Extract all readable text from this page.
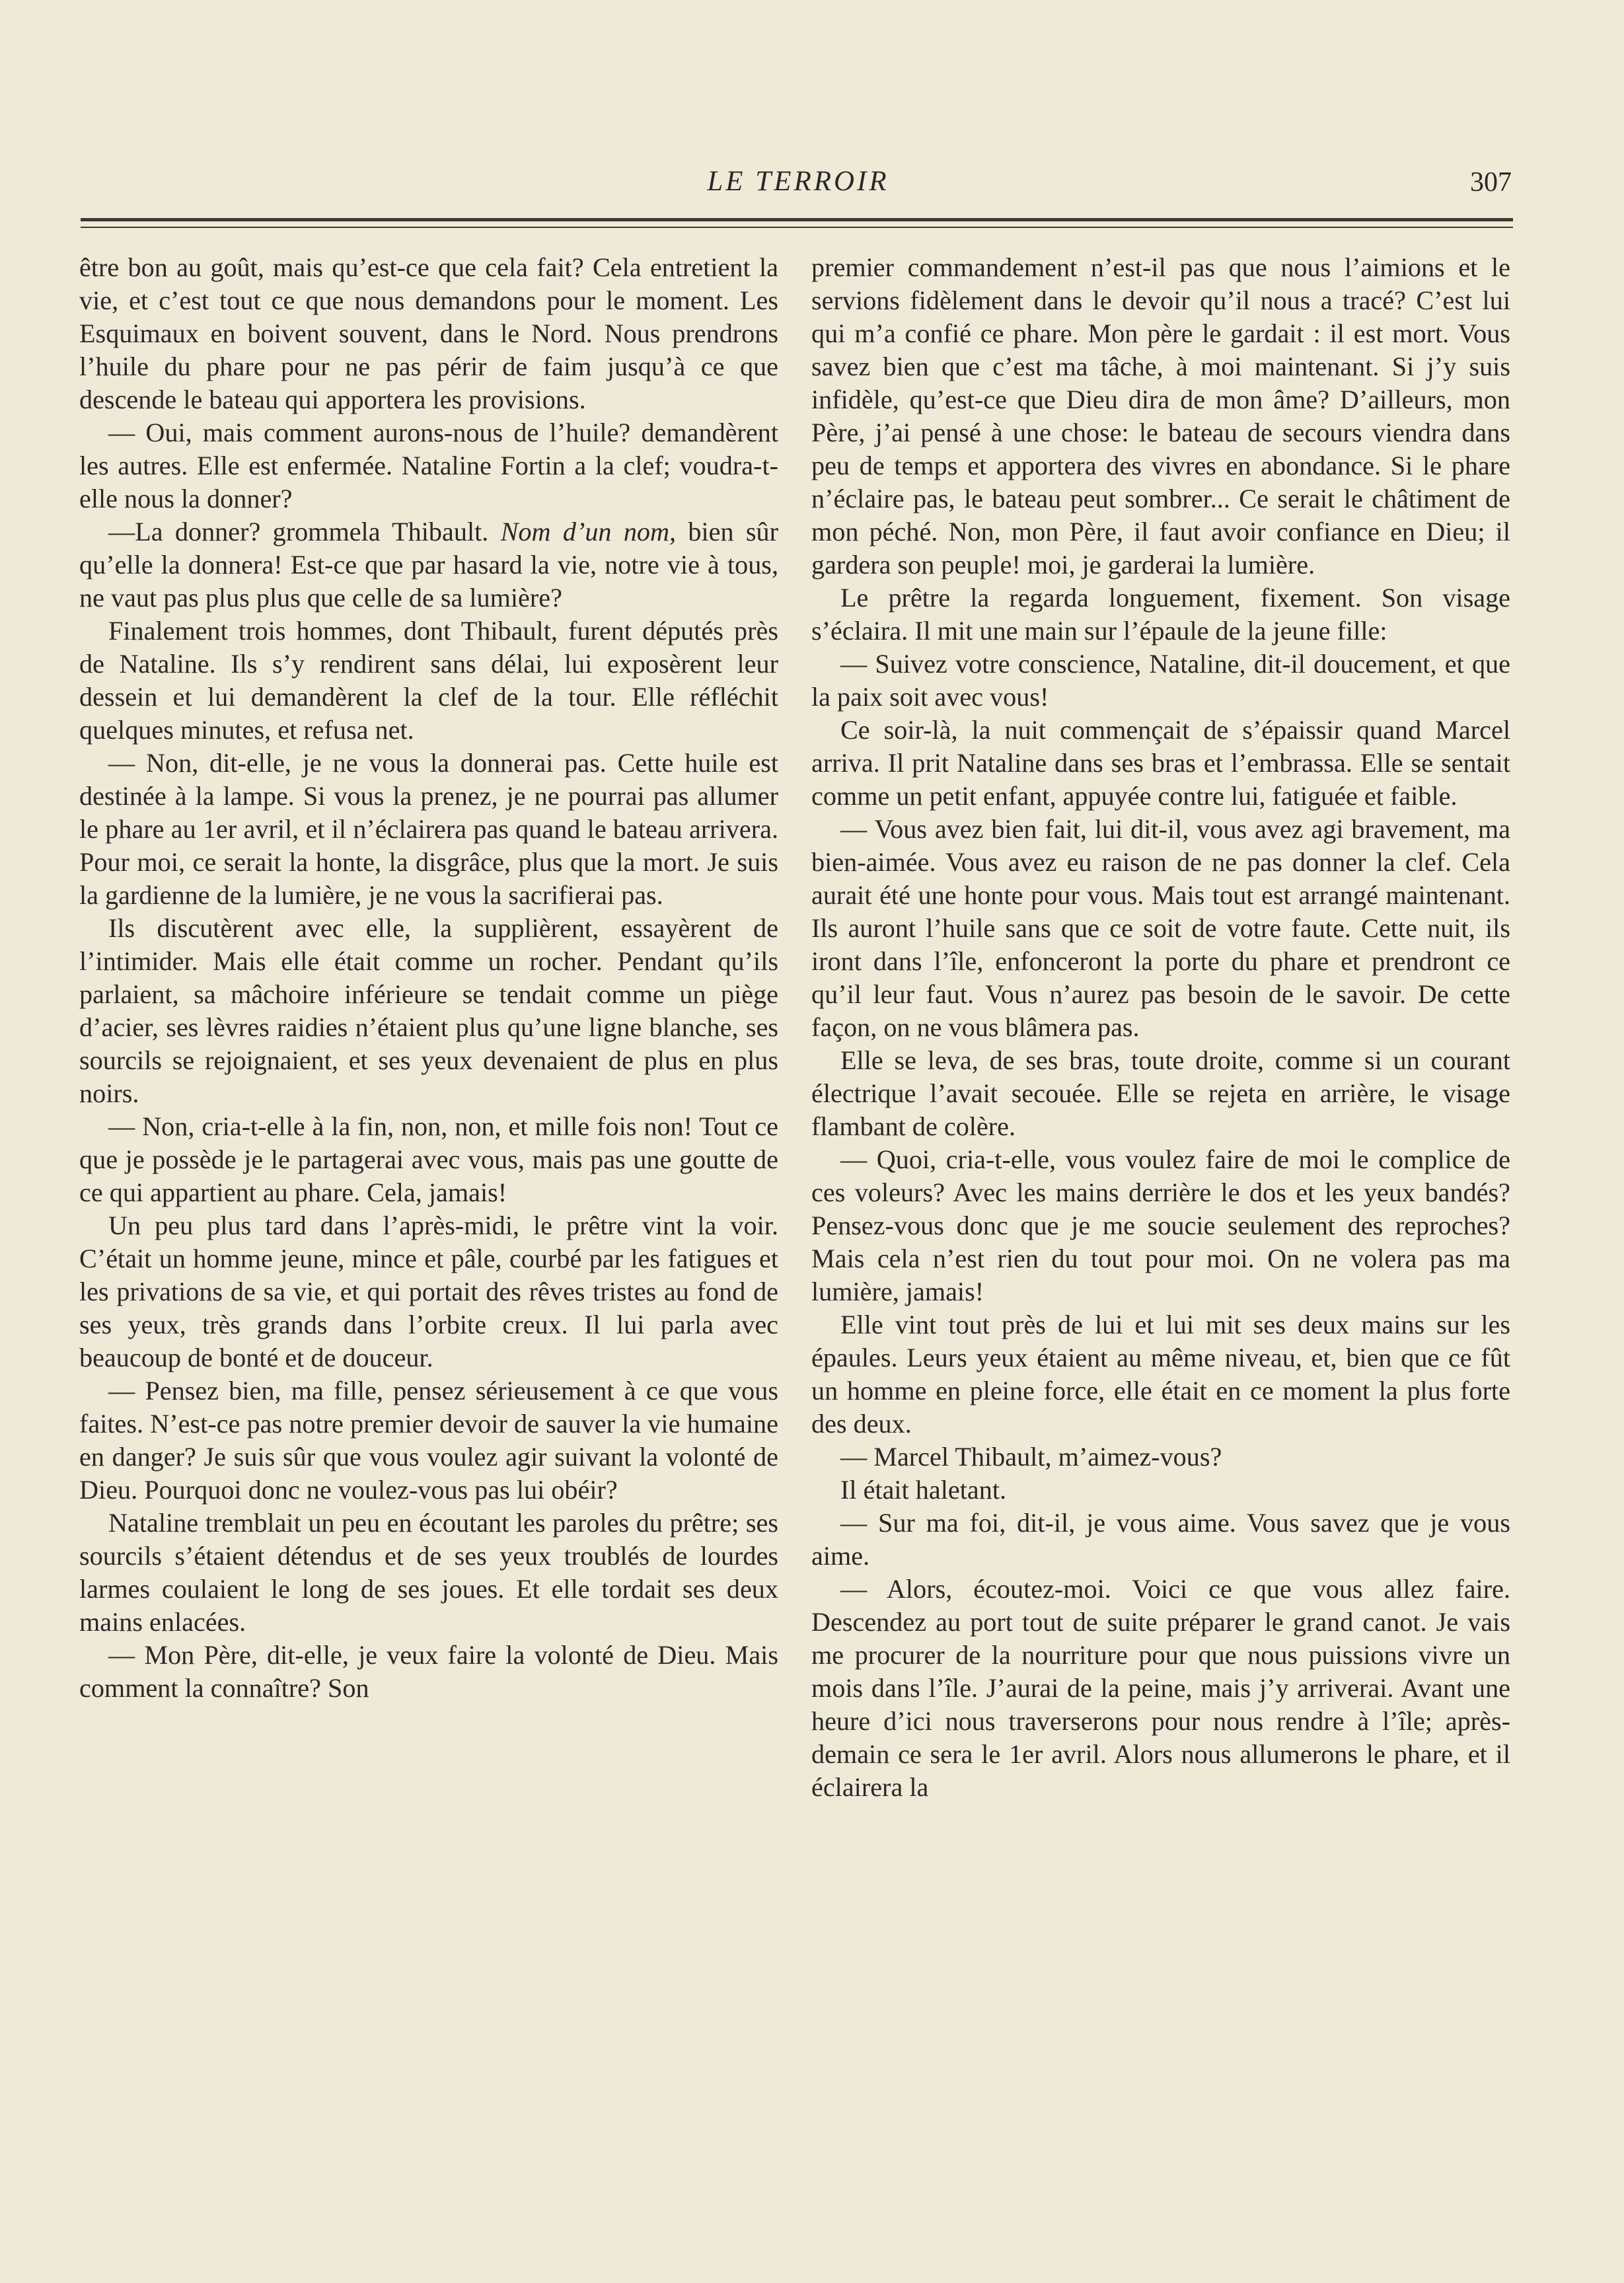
LE TERROIR	307

être bon au goût, mais qu’est-ce que cela fait? Cela entretient la vie, et c’est tout ce que nous demandons pour le moment. Les Esquimaux en boivent souvent, dans le Nord. Nous prendrons l’huile du phare pour ne pas périr de faim jusqu’à ce que descende le bateau qui apportera les provisions.

— Oui, mais comment aurons-nous de l’huile? demandèrent les autres. Elle est enfermée. Nataline Fortin a la clef; voudra-t-elle nous la donner?

—La donner? grommela Thibault. Nom d’un nom, bien sûr qu’elle la donnera! Est-ce que par hasard la vie, notre vie à tous, ne vaut pas plus plus que celle de sa lumière?

Finalement trois hommes, dont Thibault, furent députés près de Nataline. Ils s’y rendirent sans délai, lui exposèrent leur dessein et lui demandèrent la clef de la tour. Elle réfléchit quelques minutes, et refusa net.

— Non, dit-elle, je ne vous la donnerai pas. Cette huile est destinée à la lampe. Si vous la prenez, je ne pourrai pas allumer le phare au 1er avril, et il n’éclairera pas quand le bateau arrivera. Pour moi, ce serait la honte, la disgrâce, plus que la mort. Je suis la gardienne de la lumière, je ne vous la sacrifierai pas.

Ils discutèrent avec elle, la supplièrent, essayèrent de l’intimider. Mais elle était comme un rocher. Pendant qu’ils parlaient, sa mâchoire inférieure se tendait comme un piège d’acier, ses lèvres raidies n’étaient plus qu’une ligne blanche, ses sourcils se rejoignaient, et ses yeux devenaient de plus en plus noirs.

— Non, cria-t-elle à la fin, non, non, et mille fois non! Tout ce que je possède je le partagerai avec vous, mais pas une goutte de ce qui appartient au phare. Cela, jamais!

Un peu plus tard dans l’après-midi, le prêtre vint la voir. C’était un homme jeune, mince et pâle, courbé par les fatigues et les privations de sa vie, et qui portait des rêves tristes au fond de ses yeux, très grands dans l’orbite creux. Il lui parla avec beaucoup de bonté et de douceur.

— Pensez bien, ma fille, pensez sérieusement à ce que vous faites. N’est-ce pas notre premier devoir de sauver la vie humaine en danger? Je suis sûr que vous voulez agir suivant la volonté de Dieu. Pourquoi donc ne voulez-vous pas lui obéir?

Nataline tremblait un peu en écoutant les paroles du prêtre; ses sourcils s’étaient détendus et de ses yeux troublés de lourdes larmes coulaient le long de ses joues. Et elle tordait ses deux mains enlacées.

— Mon Père, dit-elle, je veux faire la volonté de Dieu. Mais comment la connaître? Son

premier commandement n’est-il pas que nous l’aimions et le servions fidèlement dans le devoir qu’il nous a tracé? C’est lui qui m’a confié ce phare. Mon père le gardait : il est mort. Vous savez bien que c’est ma tâche, à moi maintenant. Si j’y suis infidèle, qu’est-ce que Dieu dira de mon âme? D’ailleurs, mon Père, j’ai pensé à une chose: le bateau de secours viendra dans peu de temps et apportera des vivres en abondance. Si le phare n’éclaire pas, le bateau peut sombrer... Ce serait le châtiment de mon péché. Non, mon Père, il faut avoir confiance en Dieu; il gardera son peuple! moi, je garderai la lumière.

Le prêtre la regarda longuement, fixement. Son visage s’éclaira. Il mit une main sur l’épaule de la jeune fille:

— Suivez votre conscience, Nataline, dit-il doucement, et que la paix soit avec vous!

Ce soir-là, la nuit commençait de s’épaissir quand Marcel arriva. Il prit Nataline dans ses bras et l’embrassa. Elle se sentait comme un petit enfant, appuyée contre lui, fatiguée et faible.

— Vous avez bien fait, lui dit-il, vous avez agi bravement, ma bien-aimée. Vous avez eu raison de ne pas donner la clef. Cela aurait été une honte pour vous. Mais tout est arrangé maintenant. Ils auront l’huile sans que ce soit de votre faute. Cette nuit, ils iront dans l’île, enfonceront la porte du phare et prendront ce qu’il leur faut. Vous n’aurez pas besoin de le savoir. De cette façon, on ne vous blâmera pas.

Elle se leva, de ses bras, toute droite, comme si un courant électrique l’avait secouée. Elle se rejeta en arrière, le visage flambant de colère.

— Quoi, cria-t-elle, vous voulez faire de moi le complice de ces voleurs? Avec les mains derrière le dos et les yeux bandés? Pensez-vous donc que je me soucie seulement des reproches? Mais cela n’est rien du tout pour moi. On ne volera pas ma lumière, jamais!

Elle vint tout près de lui et lui mit ses deux mains sur les épaules. Leurs yeux étaient au même niveau, et, bien que ce fût un homme en pleine force, elle était en ce moment la plus forte des deux.

— Marcel Thibault, m’aimez-vous?

Il était haletant.

— Sur ma foi, dit-il, je vous aime. Vous savez que je vous aime.

— Alors, écoutez-moi. Voici ce que vous allez faire. Descendez au port tout de suite préparer le grand canot. Je vais me procurer de la nourriture pour que nous puissions vivre un mois dans l’île. J’aurai de la peine, mais j’y arriverai. Avant une heure d’ici nous traverserons pour nous rendre à l’île; après-demain ce sera le 1er avril. Alors nous allumerons le phare, et il éclairera la
